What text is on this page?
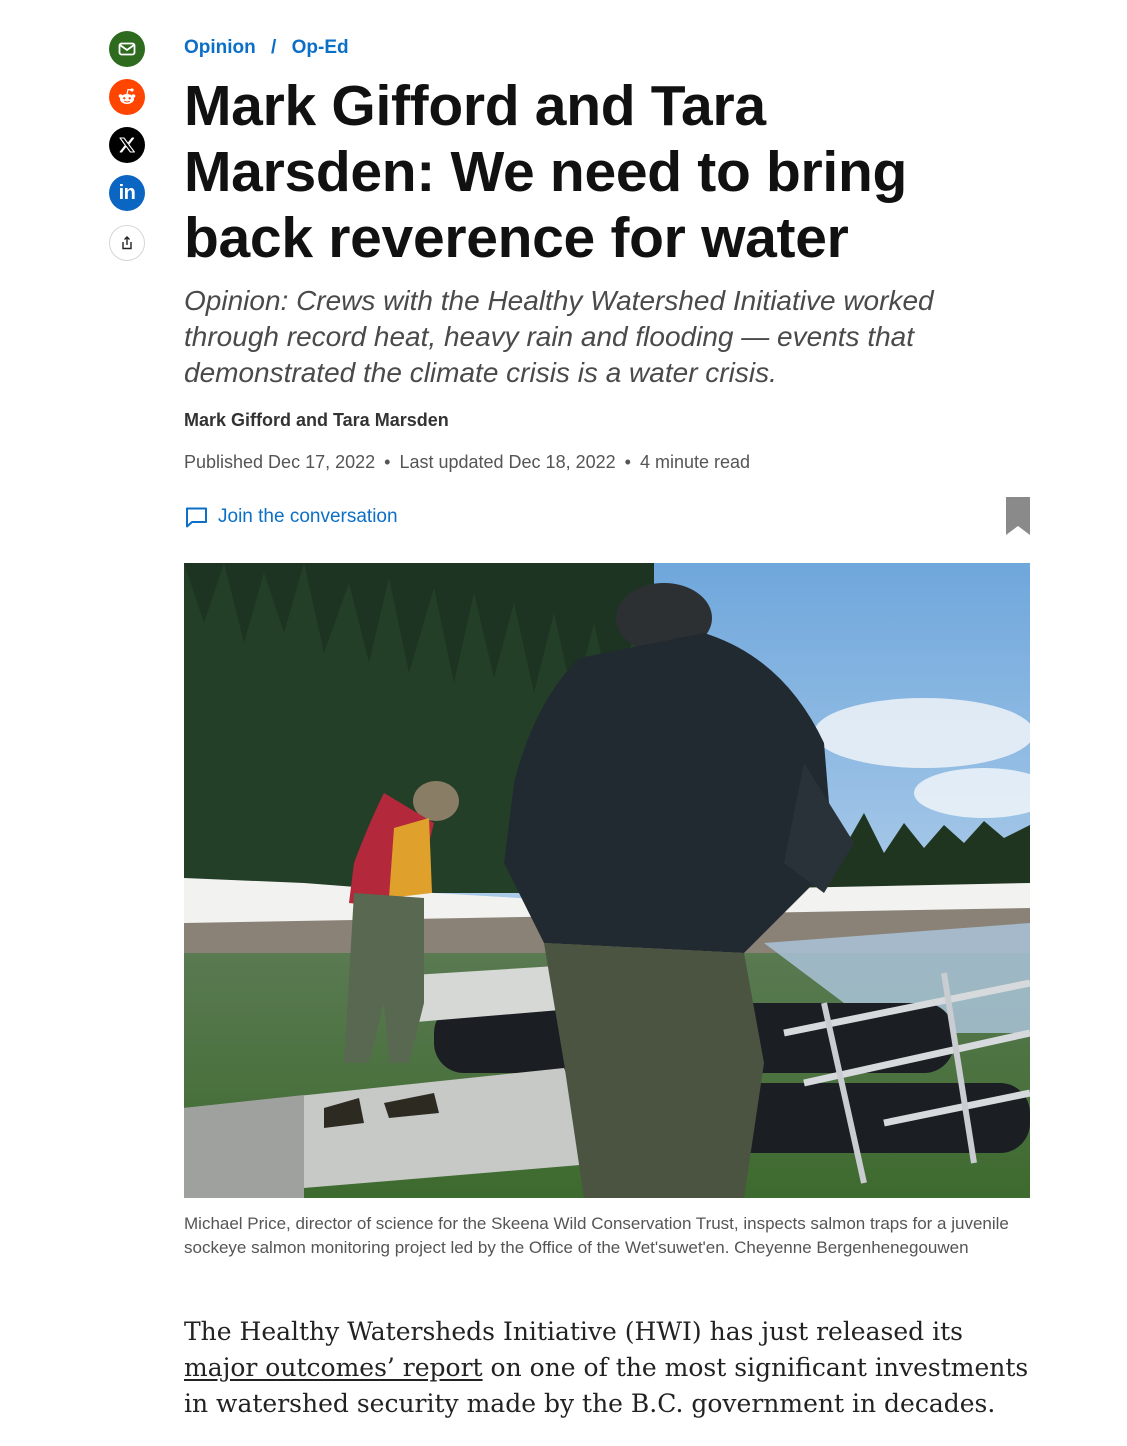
in
Opinion / Op-Ed
Mark Gifford and Tara Marsden: We need to bring back reverence for water

Opinion: Crews with the Healthy Watershed Initiative worked through record heat, heavy rain and flooding — events that demonstrated the climate crisis is a water crisis.

Mark Gifford and Tara Marsden
Published Dec 17, 2022 • Last updated Dec 18, 2022 • 4 minute read
Join the conversation

Michael Price, director of science for the Skeena Wild Conservation Trust, inspects salmon traps for a juvenile sockeye salmon monitoring project led by the Office of the Wet'suwet'en. Cheyenne Bergenhenegouwen

The Healthy Watersheds Initiative (HWI) has just released its major outcomes’ report on one of the most significant investments in watershed security made by the B.C. government in decades.
